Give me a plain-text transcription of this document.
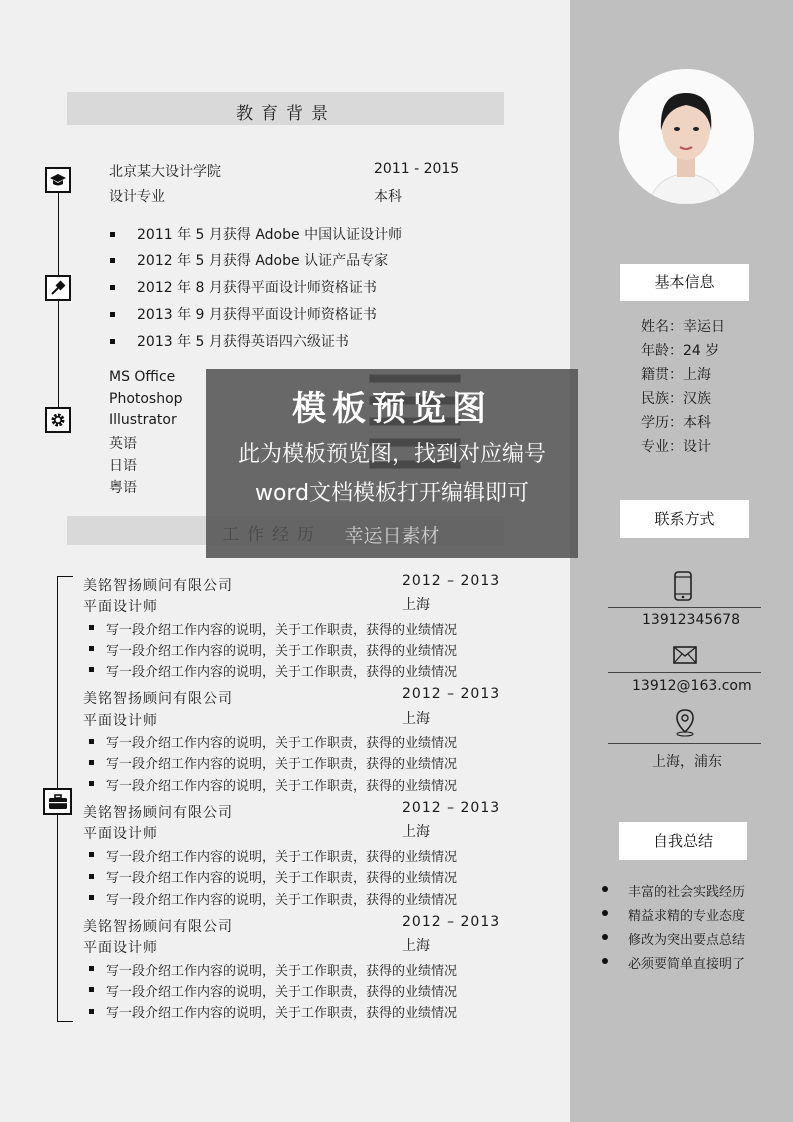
教育背景
北京某大设计学院	2011 - 2015
设计专业	本科
2011 年 5 月获得 Adobe 中国认证设计师
2012 年 5 月获得 Adobe 认证产品专家
2012 年 8 月获得平面设计师资格证书
2013 年 9 月获得平面设计师资格证书
2013 年 5 月获得英语四六级证书
MS Office
Photoshop
Illustrator
英语
日语
粤语
美铭智扬顾问有限公司	2012 – 2013
平面设计师	上海
写一段介绍工作内容的说明，关于工作职责，获得的业绩情况
写一段介绍工作内容的说明，关于工作职责，获得的业绩情况
写一段介绍工作内容的说明，关于工作职责，获得的业绩情况
美铭智扬顾问有限公司	2012 – 2013
平面设计师	上海
写一段介绍工作内容的说明，关于工作职责，获得的业绩情况
写一段介绍工作内容的说明，关于工作职责，获得的业绩情况
写一段介绍工作内容的说明，关于工作职责，获得的业绩情况
美铭智扬顾问有限公司	2012 – 2013
平面设计师	上海
写一段介绍工作内容的说明，关于工作职责，获得的业绩情况
写一段介绍工作内容的说明，关于工作职责，获得的业绩情况
写一段介绍工作内容的说明，关于工作职责，获得的业绩情况
美铭智扬顾问有限公司	2012 – 2013
平面设计师	上海
写一段介绍工作内容的说明，关于工作职责，获得的业绩情况
写一段介绍工作内容的说明，关于工作职责，获得的业绩情况
写一段介绍工作内容的说明，关于工作职责，获得的业绩情况
基本信息
姓名：幸运日
年龄：24 岁
籍贯：上海
民族：汉族
学历：本科
专业：设计
联系方式
13912345678
13912@163.com
上海，浦东
自我总结
丰富的社会实践经历
精益求精的专业态度
修改为突出要点总结
必须要简单直接明了
模板预览图
此为模板预览图，找到对应编号
word文档模板打开编辑即可
幸运日素材
